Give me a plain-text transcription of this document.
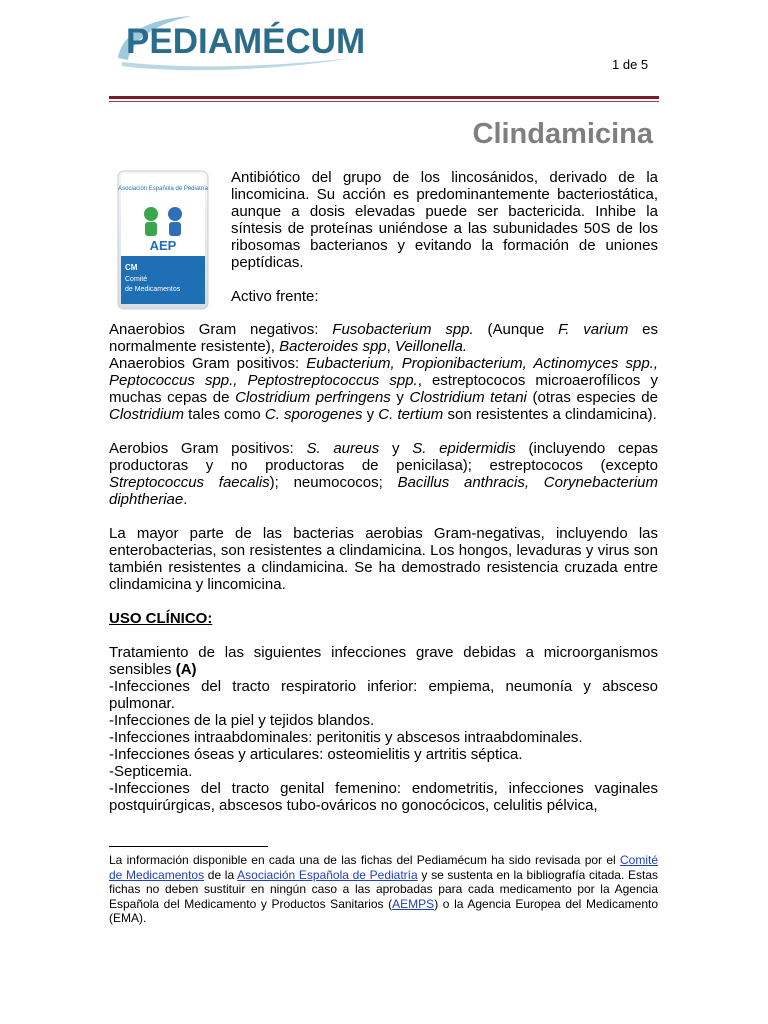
PEDIAMÉCUM
1 de 5
Clindamicina
Asociación Española de Pediatría
AEP
CM
Comité
de Medicamentos
Antibiótico del grupo de los lincosánidos, derivado de la lincomicina. Su acción es predominantemente bacteriostática, aunque a dosis elevadas puede ser bactericida. Inhibe la síntesis de proteínas uniéndose a las subunidades 50S de los ribosomas bacterianos y evitando la formación de uniones peptídicas.
Activo frente:

Anaerobios Gram negativos: Fusobacterium spp. (Aunque F. varium es normalmente resistente), Bacteroides spp, Veillonella.

Anaerobios Gram positivos: Eubacterium, Propionibacterium, Actinomyces spp., Peptococcus spp., Peptostreptococcus spp., estreptococos microaerofílicos y muchas cepas de Clostridium perfringens y Clostridium tetani (otras especies de Clostridium tales como C. sporogenes y C. tertium son resistentes a clindamicina).

Aerobios Gram positivos: S. aureus y S. epidermidis (incluyendo cepas productoras y no productoras de penicilasa); estreptococos (excepto Streptococcus faecalis); neumococos; Bacillus anthracis, Corynebacterium diphtheriae.

La mayor parte de las bacterias aerobias Gram-negativas, incluyendo las enterobacterias, son resistentes a clindamicina. Los hongos, levaduras y virus son también resistentes a clindamicina. Se ha demostrado resistencia cruzada entre clindamicina y lincomicina.

USO CLÍNICO:

Tratamiento de las siguientes infecciones grave debidas a microorganismos sensibles (A)

-Infecciones del tracto respiratorio inferior: empiema, neumonía y absceso pulmonar.

-Infecciones de la piel y tejidos blandos.

-Infecciones intraabdominales: peritonitis y abscesos intraabdominales.

-Infecciones óseas y articulares: osteomielitis y artritis séptica.

-Septicemia.

-Infecciones del tracto genital femenino: endometritis, infecciones vaginales postquirúrgicas, abscesos tubo-ováricos no gonocócicos, celulitis pélvica,

La información disponible en cada una de las fichas del Pediamécum ha sido revisada por el Comité de Medicamentos de la Asociación Española de Pediatría y se sustenta en la bibliografía citada. Estas fichas no deben sustituir en ningún caso a las aprobadas para cada medicamento por la Agencia Española del Medicamento y Productos Sanitarios (AEMPS) o la Agencia Europea del Medicamento (EMA).
